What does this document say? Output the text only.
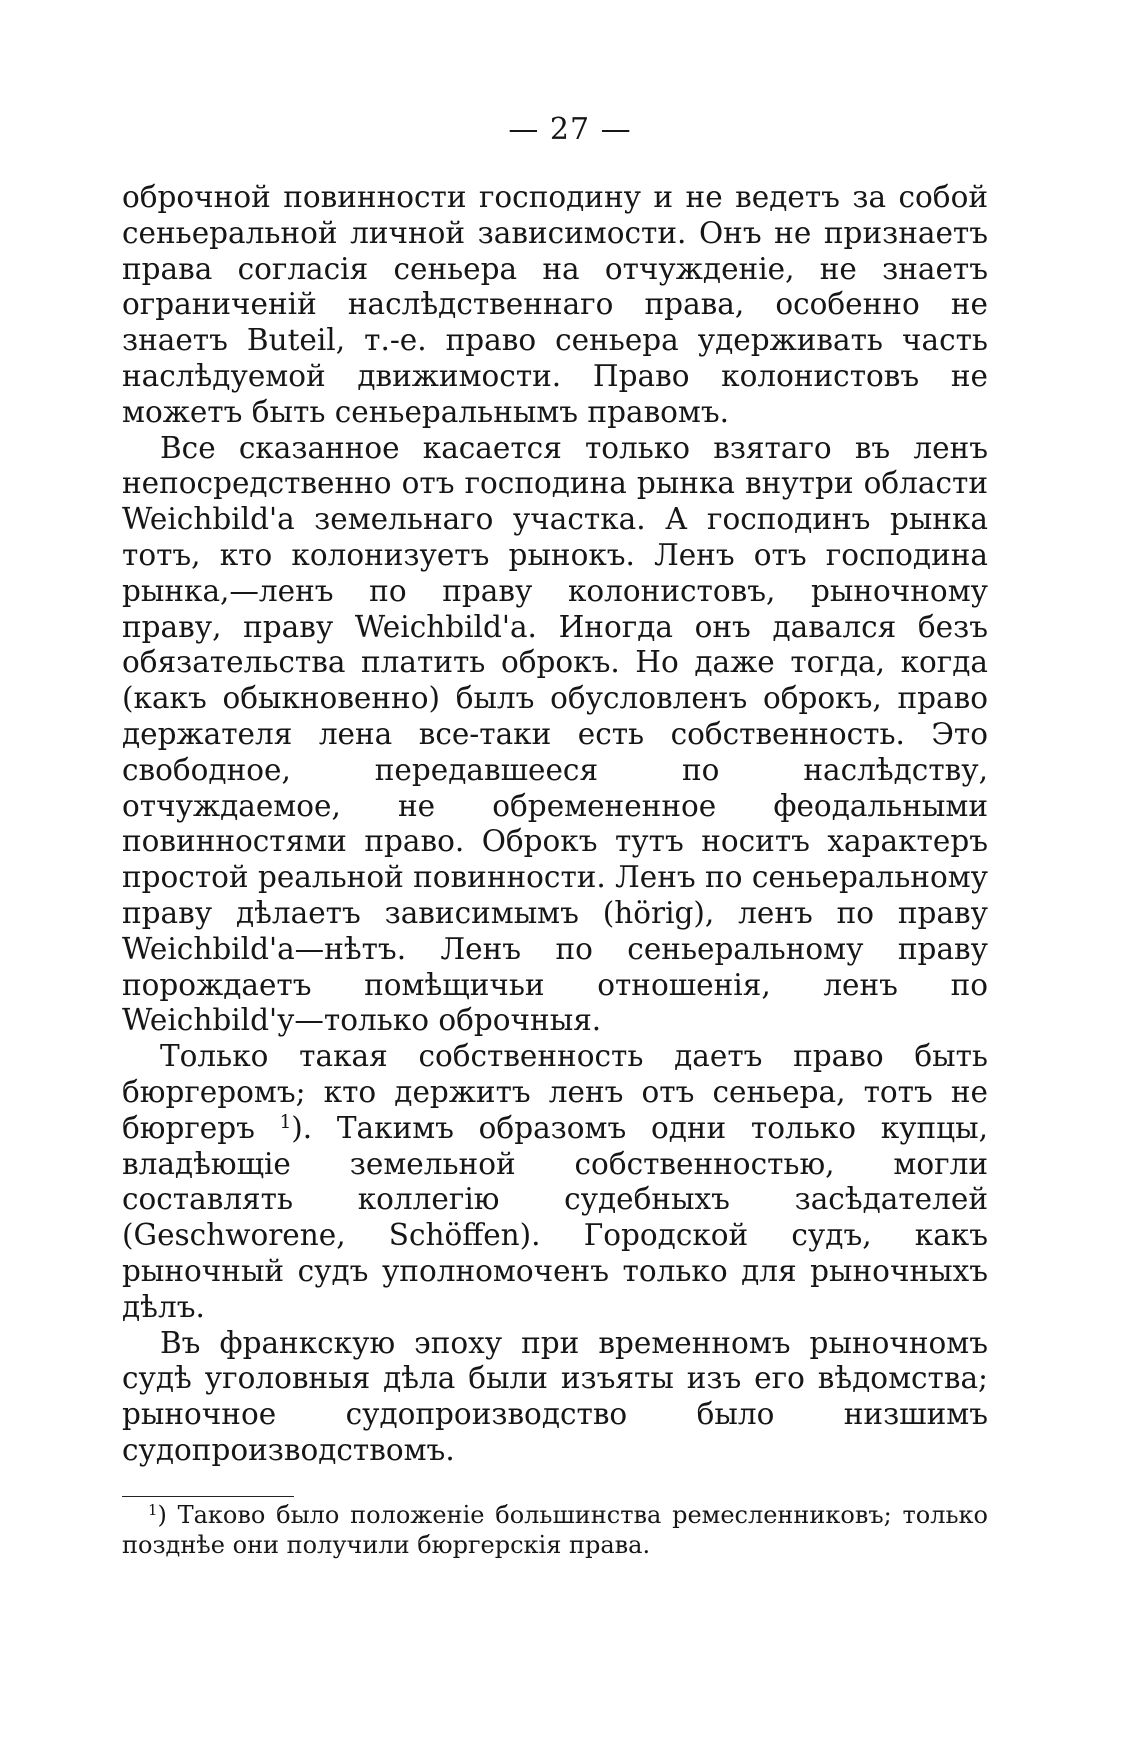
— 27 —

оброчной повинности господину и не ведетъ за собой сеньеральной личной зависимости. Онъ не признаетъ права согласія сеньера на отчужденіе, не знаетъ ограниченій наслѣдственнаго права, особенно не знаетъ Buteil, т.-е. право сеньера удерживать часть наслѣдуемой движимости. Право колонистовъ не можетъ быть сеньеральнымъ правомъ.

Все сказанное касается только взятаго въ ленъ непосредственно отъ господина рынка внутри области Weichbild'а земельнаго участка. А господинъ рынка тотъ, кто колонизуетъ рынокъ. Ленъ отъ господина рынка,—ленъ по праву колонистовъ, рыночному праву, праву Weichbild'а. Иногда онъ давался безъ обязательства платить оброкъ. Но даже тогда, когда (какъ обыкновенно) былъ обусловленъ оброкъ, право держателя лена все-таки есть собственность. Это свободное, передавшееся по наслѣдству, отчуждаемое, не обремененное феодальными повинностями право. Оброкъ тутъ носитъ характеръ простой реальной повинности. Ленъ по сеньеральному праву дѣлаетъ зависимымъ (hörig), ленъ по праву Weichbild'а—нѣтъ. Ленъ по сеньеральному праву порождаетъ помѣщичьи отношенія, ленъ по Weichbild'у—только оброчныя.

Только такая собственность даетъ право быть бюргеромъ; кто держитъ ленъ отъ сеньера, тотъ не бюргеръ $^1$). Такимъ образомъ одни только купцы, владѣющіе земельной собственностью, могли составлять коллегію судебныхъ засѣдателей (Geschworene, Schöffen). Городской судъ, какъ рыночный судъ уполномоченъ только для рыночныхъ дѣлъ.

Въ франкскую эпоху при временномъ рыночномъ судѣ уголовныя дѣла были изъяты изъ его вѣдомства; рыночное судопроизводство было низшимъ судопроизводствомъ.

$^1$) Таково было положеніе большинства ремесленниковъ; только позднѣе они получили бюргерскія права.
